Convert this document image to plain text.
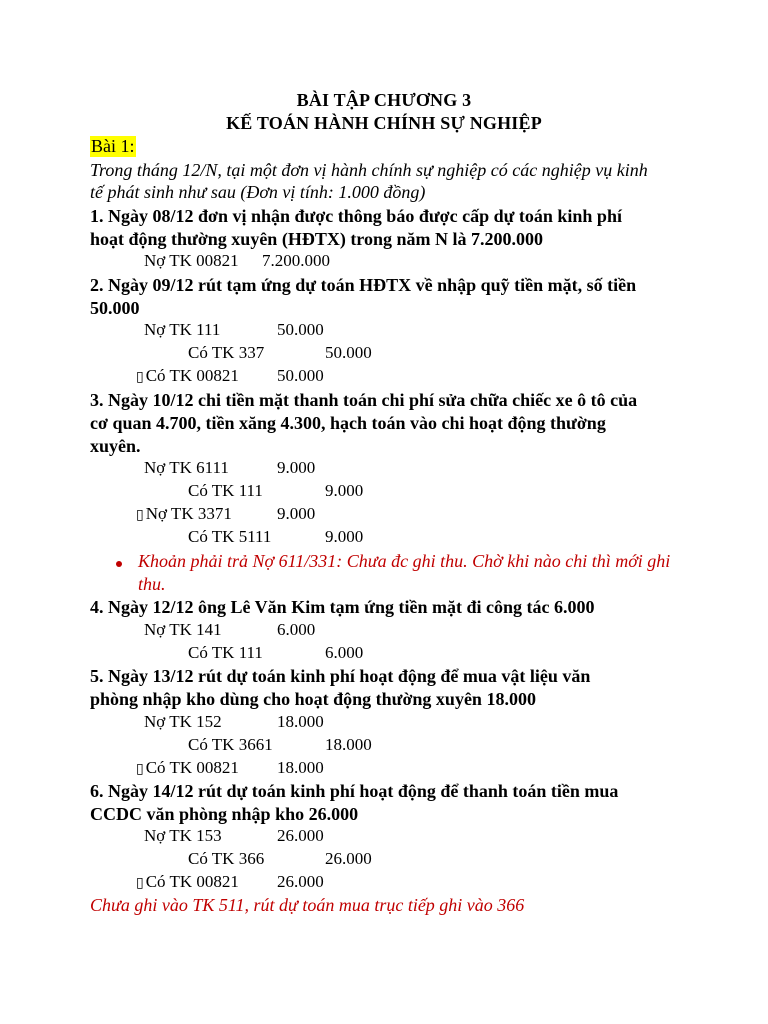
BÀI TẬP CHƯƠNG 3
KẾ TOÁN HÀNH CHÍNH SỰ NGHIỆP
Bài 1:
Trong tháng 12/N, tại một đơn vị hành chính sự nghiệp có các nghiệp vụ kinh
tế phát sinh như sau (Đơn vị tính: 1.000 đồng)
1. Ngày 08/12 đơn vị nhận được thông báo được cấp dự toán kinh phí
hoạt động thường xuyên (HĐTX) trong năm N là 7.200.000
Nợ TK 00821 7.200.000
2. Ngày 09/12 rút tạm ứng dự toán HĐTX về nhập quỹ tiền mặt, số tiền
50.000
Nợ TK 111	50.000
Có TK 337	50.000
▯ Có TK 00821 50.000
3. Ngày 10/12 chi tiền mặt thanh toán chi phí sửa chữa chiếc xe ô tô của
cơ quan 4.700, tiền xăng 4.300, hạch toán vào chi hoạt động thường
xuyên.
Nợ TK 6111	9.000
Có TK 111	9.000
▯ Nợ TK 3371	9.000
Có TK 5111	9.000
Khoản phải trả Nợ 611/331: Chưa đc ghi thu. Chờ khi nào chi thì mới ghi
thu.
4. Ngày 12/12 ông Lê Văn Kim tạm ứng tiền mặt đi công tác 6.000
Nợ TK 141	6.000
Có TK 111	6.000
5. Ngày 13/12 rút dự toán kinh phí hoạt động để mua vật liệu văn
phòng nhập kho dùng cho hoạt động thường xuyên 18.000
Nợ TK 152	18.000
Có TK 3661	18.000
▯ Có TK 00821 18.000
6. Ngày 14/12 rút dự toán kinh phí hoạt động để thanh toán tiền mua
CCDC văn phòng nhập kho 26.000
Nợ TK 153	26.000
Có TK 366	26.000
▯ Có TK 00821 26.000
Chưa ghi vào TK 511, rút dự toán mua trục tiếp ghi vào 366
